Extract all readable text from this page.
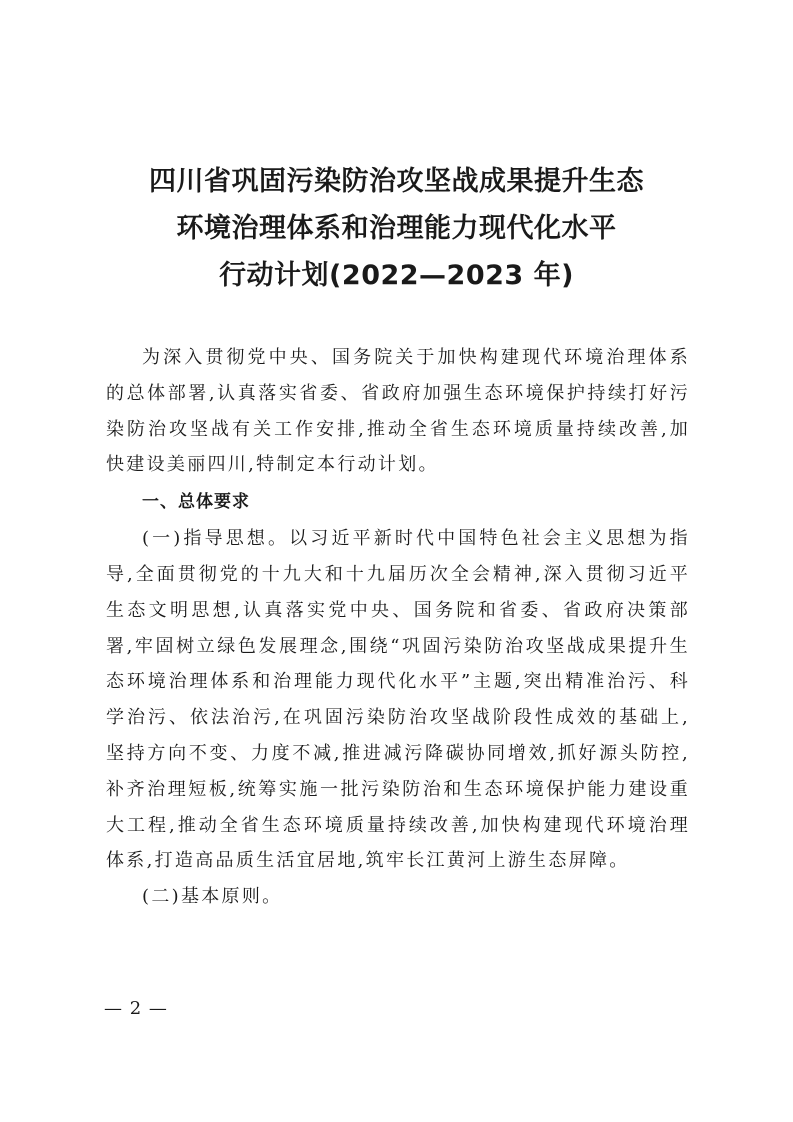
四川省巩固污染防治攻坚战成果提升生态
环境治理体系和治理能力现代化水平
行动计划(2022—2023 年)

为深入贯彻党中央、国务院关于加快构建现代环境治理体系的总体部署,认真落实省委、省政府加强生态环境保护持续打好污染防治攻坚战有关工作安排,推动全省生态环境质量持续改善,加快建设美丽四川,特制定本行动计划。

一、总体要求

(一)指导思想。以习近平新时代中国特色社会主义思想为指导,全面贯彻党的十九大和十九届历次全会精神,深入贯彻习近平生态文明思想,认真落实党中央、国务院和省委、省政府决策部署,牢固树立绿色发展理念,围绕“巩固污染防治攻坚战成果提升生态环境治理体系和治理能力现代化水平”主题,突出精准治污、科学治污、依法治污,在巩固污染防治攻坚战阶段性成效的基础上,坚持方向不变、力度不减,推进减污降碳协同增效,抓好源头防控,补齐治理短板,统筹实施一批污染防治和生态环境保护能力建设重大工程,推动全省生态环境质量持续改善,加快构建现代环境治理体系,打造高品质生活宜居地,筑牢长江黄河上游生态屏障。

(二)基本原则。

— 2 —
